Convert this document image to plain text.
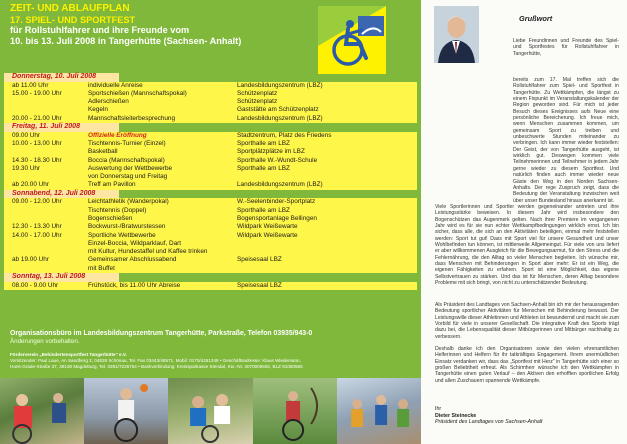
ZEIT- UND ABLAUFPLAN
17. SPIEL- UND SPORTFEST
für Rollstuhlfahrer und ihre Freunde vom
10. bis 13. Juli 2008 in Tangerhütte (Sachsen- Anhalt)
Donnerstag, 10. Juli 2008
ab 11.00 Uhr	individuelle Anreise	Landesbildungszentrum (LBZ)
15.00 - 19.00 Uhr	Sportschießen (Mannschaftspokal)	Schützenplatz
Adlerschießen	Schützenplatz
Kegeln	Gaststätte am Schützenplatz
20.00 - 21.00 Uhr	Mannschaftsleiterbesprechung	Landesbildungszentrum (LBZ)
Freitag, 11. Juli 2008
09.00 Uhr	Offizielle Eröffnung	Stadtzentrum, Platz des Friedens
10.00 - 13.00 Uhr	Tischtennis-Turnier (Einzel)	Sporthalle am LBZ
Basketball	Sportplätzplätze im LBZ
14.30 - 18.30 Uhr	Boccia (Mannschaftspokal)	Sporthalle W.-Wundt-Schule
19.30 Uhr	Auswertung der Wettbewerbe	Sporthalle am LBZ
von Donnerstag und Freitag
ab 20.00 Uhr	Treff am Pavillon	Landesbildungszentrum (LBZ)
Sonnabend, 12. Juli 2008
09.00 - 12.00 Uhr	Leichtathletik (Wanderpokal)	W.-Seelenbinder-Sportplatz
Tischtennis (Doppel)	Sporthalle am LBZ
Bogenschießen	Bogensportanlage Bellingen
12.30 - 13.30 Uhr	Bockwurst-/Bratwurstessen	Wildpark Weißewarte
14.00 - 17.00 Uhr	Sportliche Wettbewerbe	Wildpark Weißewarte
Einzel-Boccia, Wildparklauf, Dart
mit Kultur, Hundestaffel und Kaffee trinken
ab 19.00 Uhr	Gemeinsamer Abschlussabend	Speisesaal LBZ
mit Buffet
Sonntag, 13. Juli 2008
08.00 - 9.00 Uhr	Frühstück, bis 11.00 Uhr Abreise	Speisesaal LBZ
Organisationsbüro im Landesbildungszentrum Tangerhütte, Parkstraße, Telefon 03935/943-0
Änderungen vorbehalten.
Förderverein „Behindertensportfest Tangerhütte" e.V.
Vorsitzender: Paul Laue, An Sandberg 2, 04828 Schönau, Tel. Fax 03443/48571, Mobil: 0170/4251348 • Geschäftsadresse: Klaus Wiedemann,
Hans-Grade-Straße 37, 39130 Magdeburg, Tel. 0391/7226754 • Bankverbindung: Kreissparkasse Stendal, Kto.-Nr. 3070006592, BLZ 81050555
Grußwort
Liebe Freundinnen und Freunde des Spiel- und Sportfestes für Rollstuhlfahrer in Tangerhütte,
bereits zum 17. Mal treffen sich die Rollstuhlfahrer zum Spiel- und Sportfest in Tangerhütte. Zu Wettkämpfen, die längst zu einem Fixpunkt im Veranstaltungskalender der Region geworden sind. Für mich ist jeder Besuch dieses Ereignisses aufs Neue eine persönliche Bereicherung. Ich freue mich, wenn Menschen zusammen kommen, um gemeinsam Sport zu treiben und unbeschwerte Stunden miteinander zu verbringen. Ich kann immer wieder feststellen: Der Geist, der von Tangerhütte ausgeht, ist wirklich gut. Deswegen kommen viele Teilnehmerinnen und Teilnehmer in jedem Jahr gerne wieder zu diesem Sportfest. Und natürlich finden auch immer wieder neue Gäste den Weg in den Norden Sachsen-Anhalts. Der rege Zuspruch zeigt, dass die Bedeutung der Veranstaltung inzwischen weit über unser Bundesland hinaus anerkannt ist.
Viele Sportlerinnen und Sportler werden gegeneinander antreten und ihre Leistungsstärke beweisen. In diesem Jahr wird insbesondere den Bogenschützen das Augenmerk gelten. Nach ihrer Premiere im vergangenen Jahr wird es für sie nun echter Wettkampfbedingungen wirklich ernst. Ich bin sicher, dass alle, die sich an den Aktivitäten beteiligen, einmal mehr feststellen werden: Sport tut gut! Dass mit Sport viel für unsere Gesundheit und unser Wohlbefinden tun können, ist mittlerweile Allgemeingut. Für viele von uns liefert er aber willkommenen Ausgleich für die Bewegungsarmut, für den Stress und die Fehlernährung, die den Alltag so vieler Menschen begleiten. Ich wünsche mir, dass Menschen mit Behinderungen in Sport aber mehr: Er ist ein Weg, die eigenen Fähigkeiten zu erfahren. Sport ist eine Möglichkeit, das eigene Selbstvertrauen zu stärken. Und das ist für Menschen, deren Alltag besondere Probleme mit sich bringt, von nicht zu unterschätzender Bedeutung.
Als Präsident des Landtages von Sachsen-Anhalt bin ich mir der herausragenden Bedeutung sportlicher Aktivitäten für Menschen mit Behinderung bewusst. Der Leistungswille dieser Athletinnen und Athleten ist bewundernd und macht sie zum Vorbild für viele in unserer Gesellschaft. Die integrative Kraft des Sports trägt dazu bei, die Lebensqualität dieser Mitbürgerinnen und Mitbürger nachhaltig zu verbessern.
Deshalb danke ich den Organisatoren sowie den vielen ehrenamtlichen Helferinnen und Helfern für ihr tatkräftiges Engagement. Ihrem unermüdlichen Einsatz verdanken wir, dass das „Sportfest mit Herz" in Tangerhütte sich einer so großen Beliebtheit erfreut. Als Schirmherr wünsche ich den Wettkämpfen in Tangerhütte einen guten Verlauf – den Aktiven den erhofften sportlichen Erfolg und allen Zuschauern spannende Wettkämpfe.
Ihr
Dieter Steinecke
Präsident des Landtages von Sachsen-Anhalt
